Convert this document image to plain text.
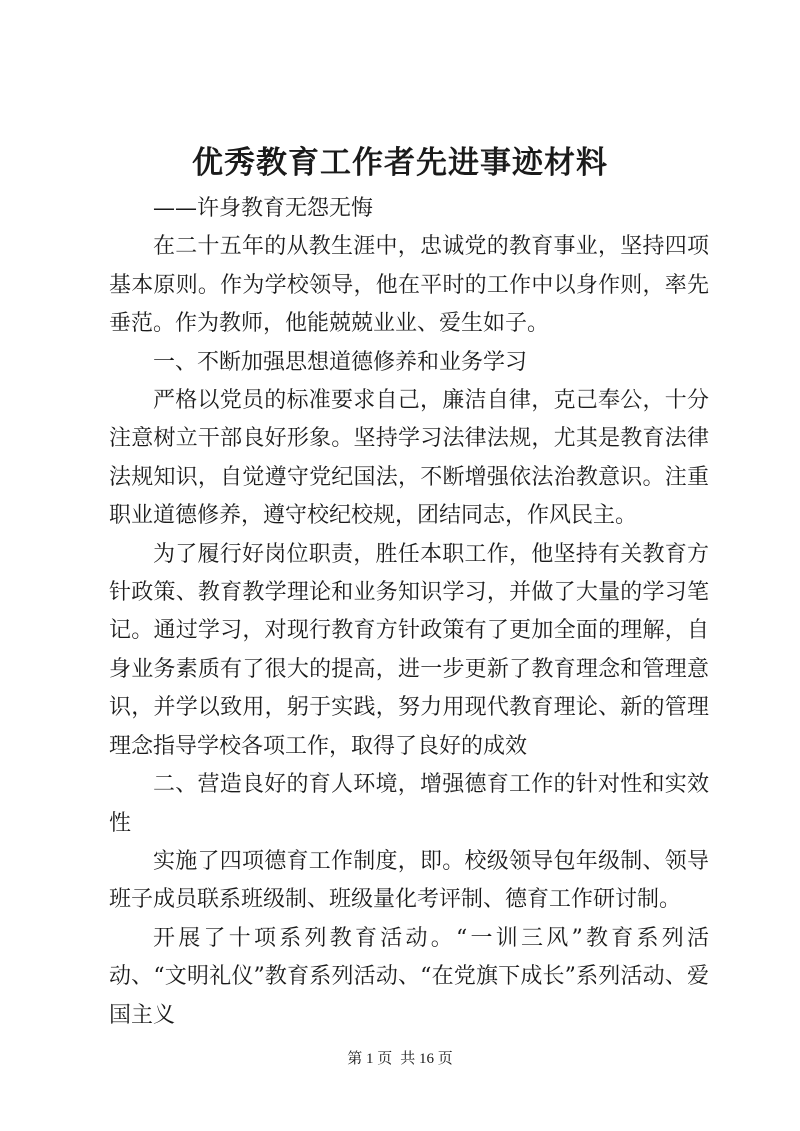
优秀教育工作者先进事迹材料

——许身教育无怨无悔

在二十五年的从教生涯中，忠诚党的教育事业，坚持四项基本原则。作为学校领导，他在平时的工作中以身作则，率先垂范。作为教师，他能兢兢业业、爱生如子。

一、不断加强思想道德修养和业务学习

严格以党员的标准要求自己，廉洁自律，克己奉公，十分注意树立干部良好形象。坚持学习法律法规，尤其是教育法律法规知识，自觉遵守党纪国法，不断增强依法治教意识。注重职业道德修养，遵守校纪校规，团结同志，作风民主。

为了履行好岗位职责，胜任本职工作，他坚持有关教育方针政策、教育教学理论和业务知识学习，并做了大量的学习笔记。通过学习，对现行教育方针政策有了更加全面的理解，自身业务素质有了很大的提高，进一步更新了教育理念和管理意识，并学以致用，躬于实践，努力用现代教育理论、新的管理理念指导学校各项工作，取得了良好的成效

二、营造良好的育人环境，增强德育工作的针对性和实效性

实施了四项德育工作制度，即。校级领导包年级制、领导班子成员联系班级制、班级量化考评制、德育工作研讨制。

开展了十项系列教育活动。“一训三风”教育系列活动、“文明礼仪”教育系列活动、“在党旗下成长”系列活动、爱国主义

第 1 页 共 16 页
